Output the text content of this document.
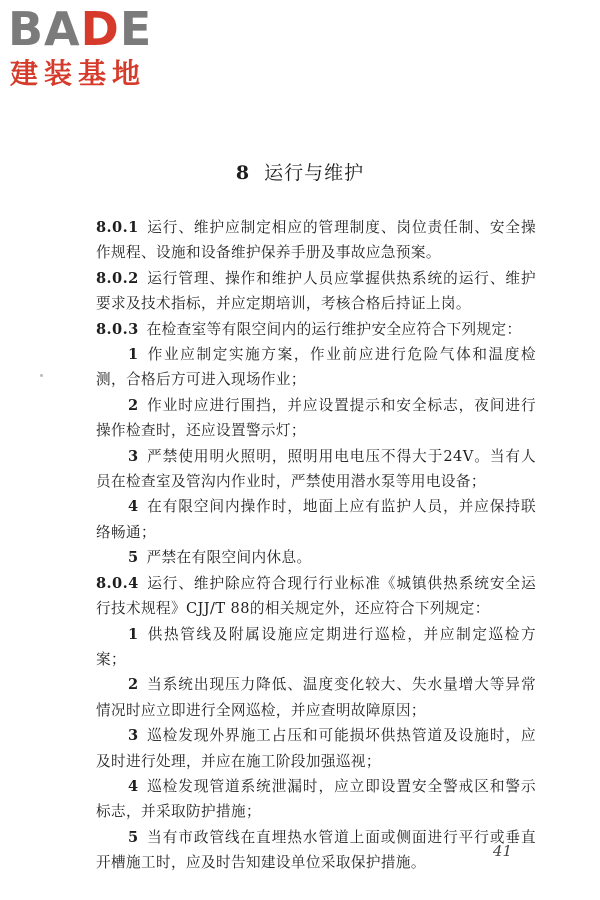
BADE
建装基地
8 运行与维护

8.0.1 运行、维护应制定相应的管理制度、岗位责任制、安全操作规程、设施和设备维护保养手册及事故应急预案。

8.0.2 运行管理、操作和维护人员应掌握供热系统的运行、维护要求及技术指标，并应定期培训，考核合格后持证上岗。

8.0.3 在检查室等有限空间内的运行维护安全应符合下列规定：

1 作业应制定实施方案，作业前应进行危险气体和温度检测，合格后方可进入现场作业；

2 作业时应进行围挡，并应设置提示和安全标志，夜间进行操作检查时，还应设置警示灯；

3 严禁使用明火照明，照明用电电压不得大于24V。当有人员在检查室及管沟内作业时，严禁使用潜水泵等用电设备；

4 在有限空间内操作时，地面上应有监护人员，并应保持联络畅通；

5 严禁在有限空间内休息。

8.0.4 运行、维护除应符合现行行业标准《城镇供热系统安全运行技术规程》CJJ/T 88的相关规定外，还应符合下列规定：

1 供热管线及附属设施应定期进行巡检，并应制定巡检方案；

2 当系统出现压力降低、温度变化较大、失水量增大等异常情况时应立即进行全网巡检，并应查明故障原因；

3 巡检发现外界施工占压和可能损坏供热管道及设施时，应及时进行处理，并应在施工阶段加强巡视；

4 巡检发现管道系统泄漏时，应立即设置安全警戒区和警示标志，并采取防护措施；

5 当有市政管线在直埋热水管道上面或侧面进行平行或垂直开槽施工时，应及时告知建设单位采取保护措施。

41
